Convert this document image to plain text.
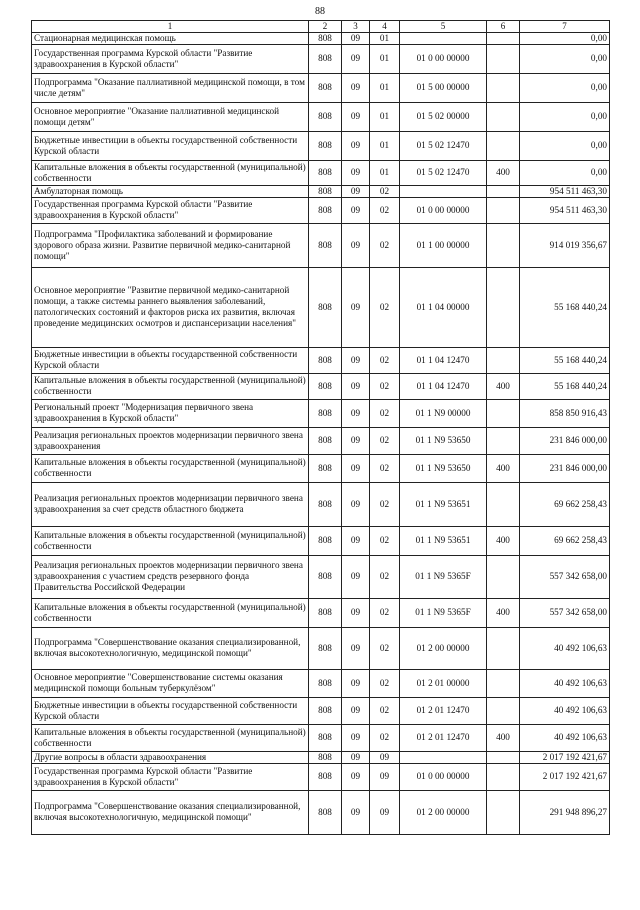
88
1	2	3	4	5	6	7
Стационарная медицинская помощь	808	09	01			0,00
Государственная программа Курской области "Развитие здравоохранения в Курской области"	808	09	01	01 0 00 00000		0,00
Подпрограмма "Оказание паллиативной медицинской помощи, в том числе детям"	808	09	01	01 5 00 00000		0,00
Основное мероприятие "Оказание паллиативной медицинской помощи детям"	808	09	01	01 5 02 00000		0,00
Бюджетные инвестиции в объекты государственной собственности Курской области	808	09	01	01 5 02 12470		0,00
Капитальные вложения в объекты государственной (муниципальной) собственности	808	09	01	01 5 02 12470	400	0,00
Амбулаторная помощь	808	09	02			954 511 463,30
Государственная программа Курской области "Развитие здравоохранения в Курской области"	808	09	02	01 0 00 00000		954 511 463,30
Подпрограмма "Профилактика заболеваний и формирование здорового образа жизни. Развитие первичной медико-санитарной помощи"	808	09	02	01 1 00 00000		914 019 356,67
Основное мероприятие "Развитие первичной медико-санитарной помощи, а также системы раннего выявления заболеваний, патологических состояний и факторов риска их развития, включая проведение медицинских осмотров и диспансеризации населения"	808	09	02	01 1 04 00000		55 168 440,24
Бюджетные инвестиции в объекты государственной собственности Курской области	808	09	02	01 1 04 12470		55 168 440,24
Капитальные вложения в объекты государственной (муниципальной) собственности	808	09	02	01 1 04 12470	400	55 168 440,24
Региональный проект "Модернизация первичного звена здравоохранения в Курской области"	808	09	02	01 1 N9 00000		858 850 916,43
Реализация региональных проектов модернизации первичного звена здравоохранения	808	09	02	01 1 N9 53650		231 846 000,00
Капитальные вложения в объекты государственной (муниципальной) собственности	808	09	02	01 1 N9 53650	400	231 846 000,00
Реализация региональных проектов модернизации первичного звена здравоохранения за счет средств областного бюджета	808	09	02	01 1 N9 53651		69 662 258,43
Капитальные вложения в объекты государственной (муниципальной) собственности	808	09	02	01 1 N9 53651	400	69 662 258,43
Реализация региональных проектов модернизации первичного звена здравоохранения с участием средств резервного фонда Правительства Российской Федерации	808	09	02	01 1 N9 5365F		557 342 658,00
Капитальные вложения в объекты государственной (муниципальной) собственности	808	09	02	01 1 N9 5365F	400	557 342 658,00
Подпрограмма "Совершенствование оказания специализированной, включая высокотехнологичную, медицинской помощи"	808	09	02	01 2 00 00000		40 492 106,63
Основное мероприятие "Совершенствование системы оказания медицинской помощи больным туберкулёзом"	808	09	02	01 2 01 00000		40 492 106,63
Бюджетные инвестиции в объекты государственной собственности Курской области	808	09	02	01 2 01 12470		40 492 106,63
Капитальные вложения в объекты государственной (муниципальной) собственности	808	09	02	01 2 01 12470	400	40 492 106,63
Другие вопросы в области здравоохранения	808	09	09			2 017 192 421,67
Государственная программа Курской области "Развитие здравоохранения в Курской области"	808	09	09	01 0 00 00000		2 017 192 421,67
Подпрограмма "Совершенствование оказания специализированной, включая высокотехнологичную, медицинской помощи"	808	09	09	01 2 00 00000		291 948 896,27
